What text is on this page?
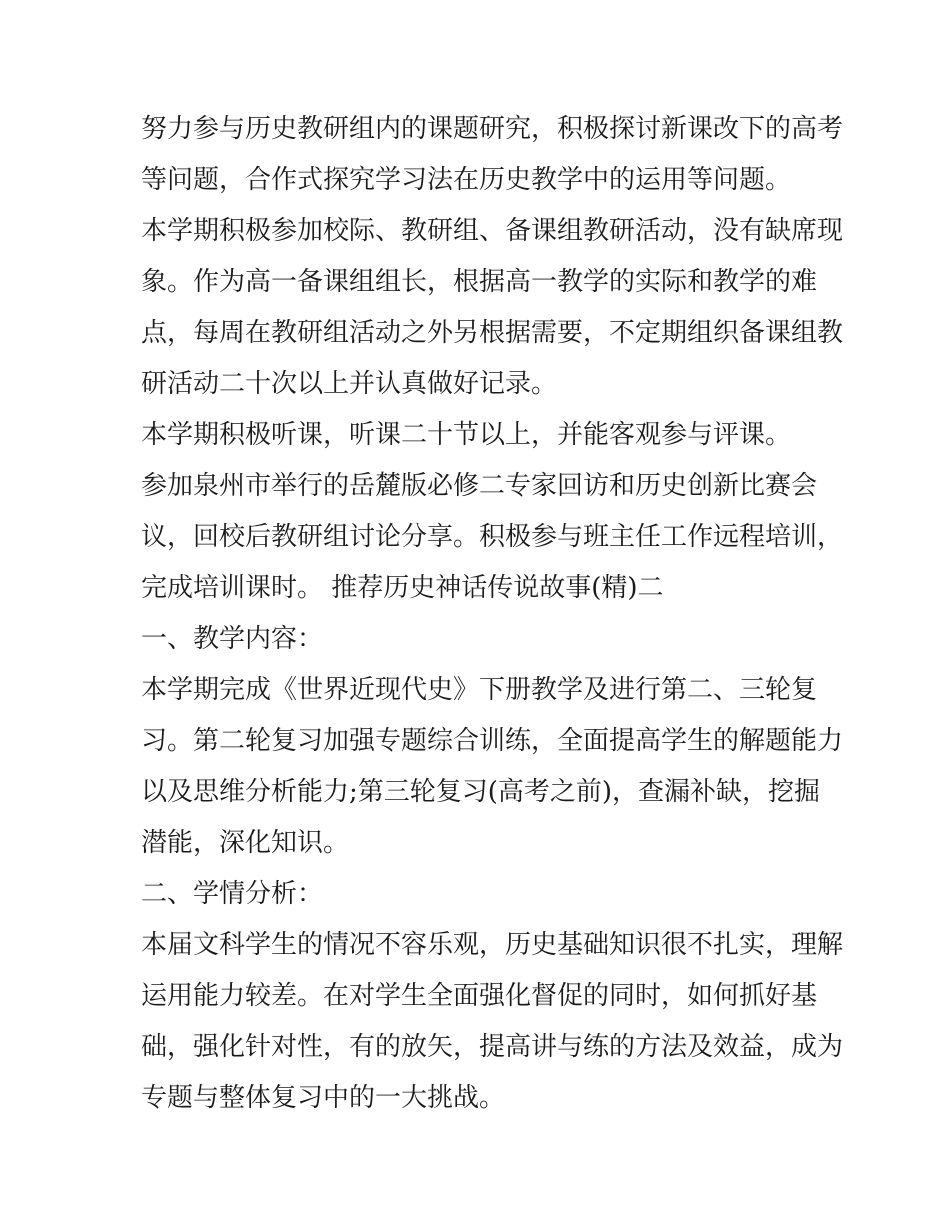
努力参与历史教研组内的课题研究，积极探讨新课改下的高考
等问题，合作式探究学习法在历史教学中的运用等问题。

本学期积极参加校际、教研组、备课组教研活动，没有缺席现
象。作为高一备课组组长，根据高一教学的实际和教学的难
点，每周在教研组活动之外另根据需要，不定期组织备课组教
研活动二十次以上并认真做好记录。

本学期积极听课，听课二十节以上，并能客观参与评课。

参加泉州市举行的岳麓版必修二专家回访和历史创新比赛会
议，回校后教研组讨论分享。积极参与班主任工作远程培训，
完成培训课时。 推荐历史神话传说故事(精)二

一、教学内容：

本学期完成《世界近现代史》下册教学及进行第二、三轮复
习。第二轮复习加强专题综合训练，全面提高学生的解题能力
以及思维分析能力;第三轮复习(高考之前)，查漏补缺，挖掘
潜能，深化知识。

二、学情分析：

本届文科学生的情况不容乐观，历史基础知识很不扎实，理解
运用能力较差。在对学生全面强化督促的同时，如何抓好基
础，强化针对性，有的放矢，提高讲与练的方法及效益，成为
专题与整体复习中的一大挑战。
